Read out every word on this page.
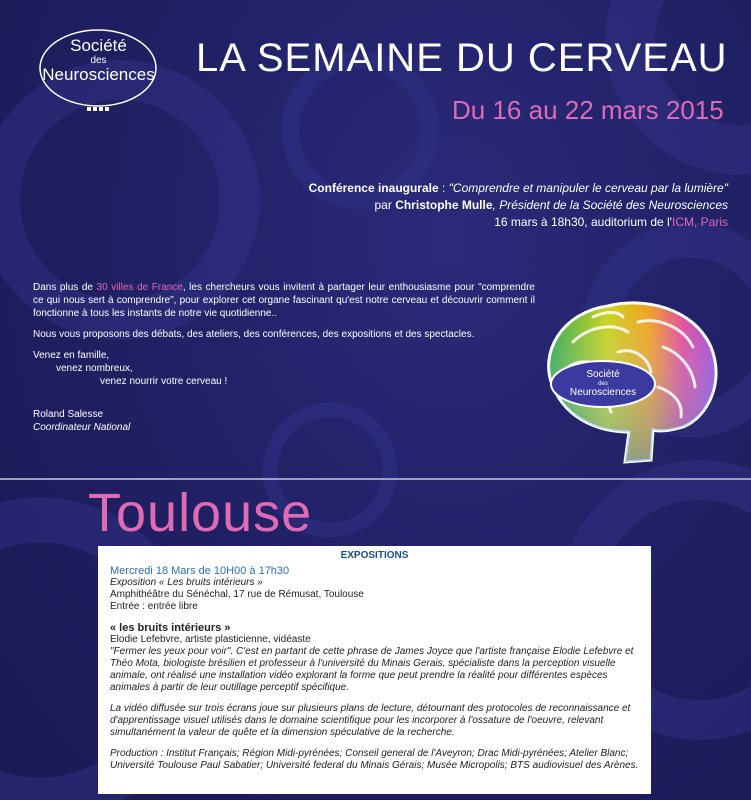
Société
des
Neurosciences LA SEMAINE DU CERVEAU
Du 16 au 22 mars 2015
Conférence inaugurale : "Comprendre et manipuler le cerveau par la lumière"
par Christophe Mulle, Président de la Société des Neurosciences
16 mars à 18h30, auditorium de l'ICM, Paris

Dans plus de 30 villes de France, les chercheurs vous invitent à partager leur enthousiasme pour "comprendre ce qui nous sert à comprendre", pour explorer cet organe fascinant qu'est notre cerveau et découvrir comment il fonctionne à tous les instants de notre vie quotidienne..

Nous vous proposons des débats, des ateliers, des conférences, des expositions et des spectacles.

Venez en famille,
venez nombreux,
venez nourrir votre cerveau !
Roland Salesse
Coordinateur National
Société
des
Neurosciences
Toulouse
EXPOSITIONS
Mercredi 18 Mars de 10H00 à 17h30
Exposition « Les bruits intérieurs »
Amphithéâtre du Sénéchal, 17 rue de Rémusat, Toulouse
Entrée : entrée libre
« les bruits intérieurs »
Elodie Lefebvre, artiste plasticienne, vidéaste
"Fermer les yeux pour voir". C'est en partant de cette phrase de James Joyce que l'artiste française Elodie Lefebvre et Théo Mota, biologiste brésilien et professeur à l'université du Minais Gerais, spécialiste dans la perception visuelle animale, ont réalisé une installation vidéo explorant la forme que peut prendre la réalité pour différentes espèces animales à partir de leur outillage perceptif spécifique.
La vidéo diffusée sur trois écrans joue sur plusieurs plans de lecture, détournant des protocoles de reconnaissance et d'apprentissage visuel utilisés dans le domaine scientifique pour les incorporer à l'ossature de l'oeuvre, relevant simultanément la valeur de quête et la dimension spéculative de la recherche.
Production : Institut Français; Région Midi-pyrénées; Conseil general de l'Aveyron; Drac Midi-pyrénées; Atelier Blanc; Université Toulouse Paul Sabatier; Université federal du Minais Gérais; Musée Micropolis; BTS audiovisuel des Arènes.
